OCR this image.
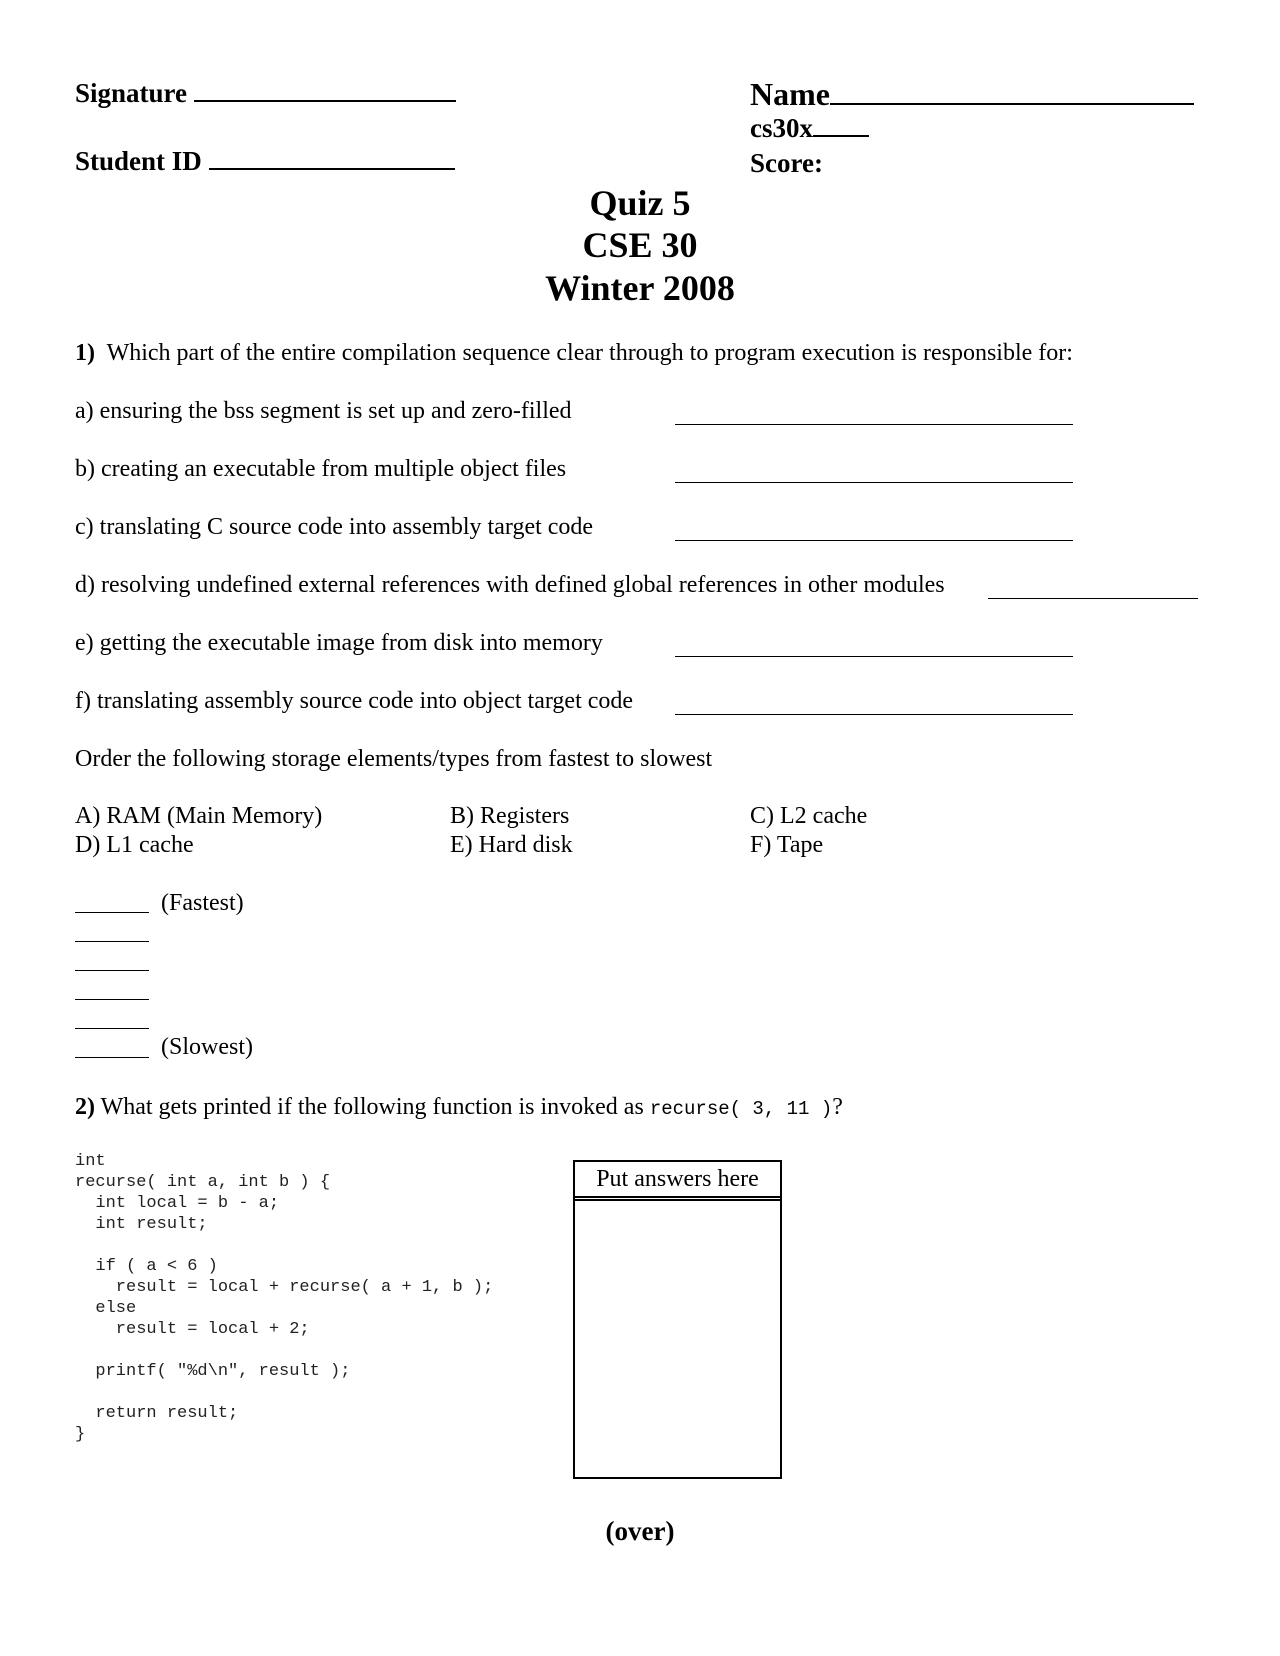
Signature
Student ID
Name
cs30x
Score:
Quiz 5
CSE 30
Winter 2008
1) Which part of the entire compilation sequence clear through to program execution is responsible for:
a) ensuring the bss segment is set up and zero-filled
b) creating an executable from multiple object files
c) translating C source code into assembly target code
d) resolving undefined external references with defined global references in other modules
e) getting the executable image from disk into memory
f) translating assembly source code into object target code
Order the following storage elements/types from fastest to slowest
A) RAM (Main Memory)	B) Registers	C) L2 cache
D) L1 cache	E) Hard disk	F) Tape
(Fastest)
(Slowest)
2) What gets printed if the following function is invoked as recurse( 3, 11 )?
int
recurse( int a, int b ) {
int local = b - a;
int result;

if ( a < 6 )
result = local + recurse( a + 1, b );
else
result = local + 2;

printf( "%d\n", result );

return result;
}
Put answers here
(over)
